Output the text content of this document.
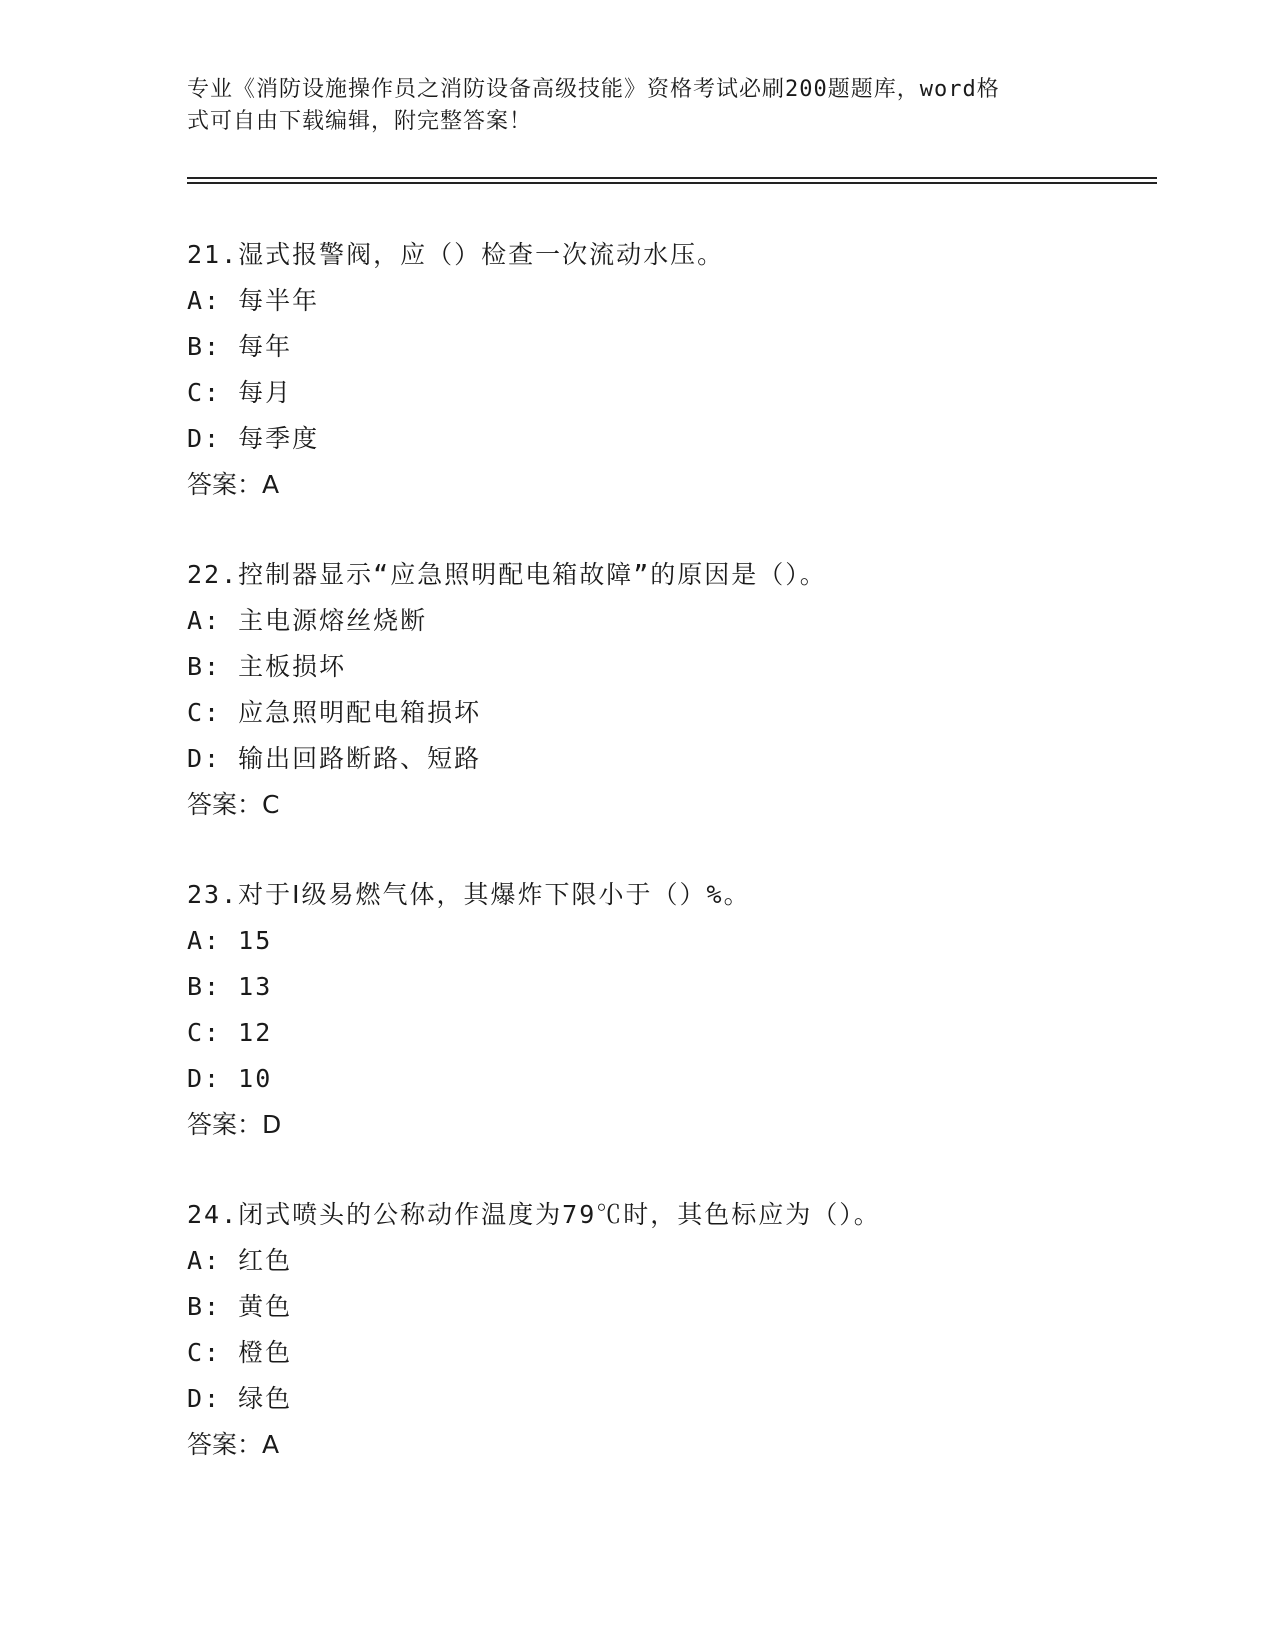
专业《消防设施操作员之消防设备高级技能》资格考试必刷200题题库，word格
式可自由下载编辑，附完整答案！
21.湿式报警阀，应（）检查一次流动水压。
A: 每半年
B: 每年
C: 每月
D: 每季度
答案：A
22.控制器显示“应急照明配电箱故障”的原因是（）。
A: 主电源熔丝烧断
B: 主板损坏
C: 应急照明配电箱损坏
D: 输出回路断路、短路
答案：C
23.对于Ⅰ级易燃气体，其爆炸下限小于（）%。
A: 15
B: 13
C: 12
D: 10
答案：D
24.闭式喷头的公称动作温度为79℃时，其色标应为（）。
A: 红色
B: 黄色
C: 橙色
D: 绿色
答案：A
